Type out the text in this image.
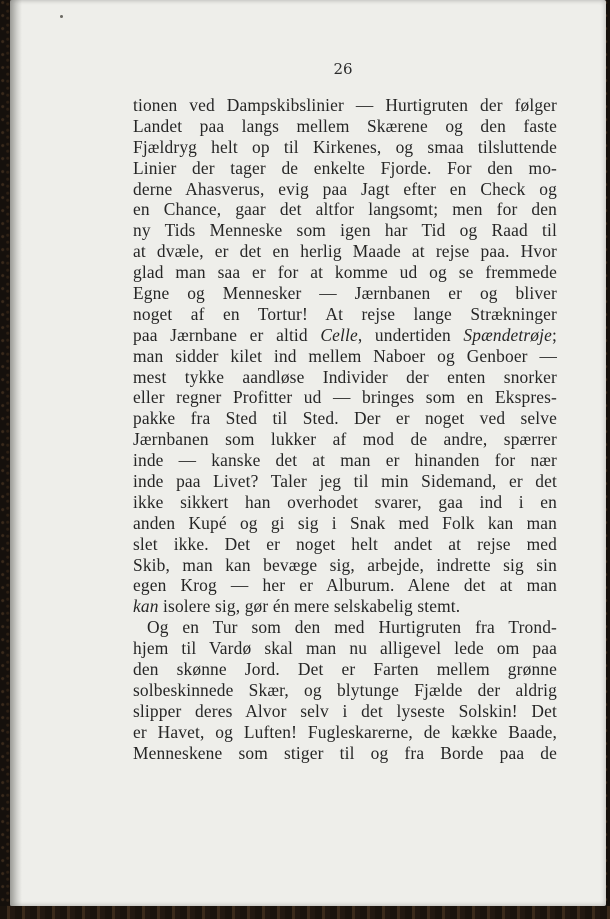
26
tionen ved Dampskibslinier — Hurtigruten der følger
Landet paa langs mellem Skærene og den faste
Fjældryg helt op til Kirkenes, og smaa tilsluttende
Linier der tager de enkelte Fjorde. For den mo-
derne Ahasverus, evig paa Jagt efter en Check og
en Chance, gaar det altfor langsomt; men for den
ny Tids Menneske som igen har Tid og Raad til
at dvæle, er det en herlig Maade at rejse paa. Hvor
glad man saa er for at komme ud og se fremmede
Egne og Mennesker — Jærnbanen er og bliver
noget af en Tortur! At rejse lange Strækninger
paa Jærnbane er altid Celle, undertiden Spændetrøje;
man sidder kilet ind mellem Naboer og Genboer —
mest tykke aandløse Individer der enten snorker
eller regner Profitter ud — bringes som en Ekspres-
pakke fra Sted til Sted. Der er noget ved selve
Jærnbanen som lukker af mod de andre, spærrer
inde — kanske det at man er hinanden for nær
inde paa Livet? Taler jeg til min Sidemand, er det
ikke sikkert han overhodet svarer, gaa ind i en
anden Kupé og gi sig i Snak med Folk kan man
slet ikke. Det er noget helt andet at rejse med
Skib, man kan bevæge sig, arbejde, indrette sig sin
egen Krog — her er Alburum. Alene det at man
kan isolere sig, gør én mere selskabelig stemt.
Og en Tur som den med Hurtigruten fra Trond-
hjem til Vardø skal man nu alligevel lede om paa
den skønne Jord. Det er Farten mellem grønne
solbeskinnede Skær, og blytunge Fjælde der aldrig
slipper deres Alvor selv i det lyseste Solskin! Det
er Havet, og Luften! Fugleskarerne, de kække Baade,
Menneskene som stiger til og fra Borde paa de
